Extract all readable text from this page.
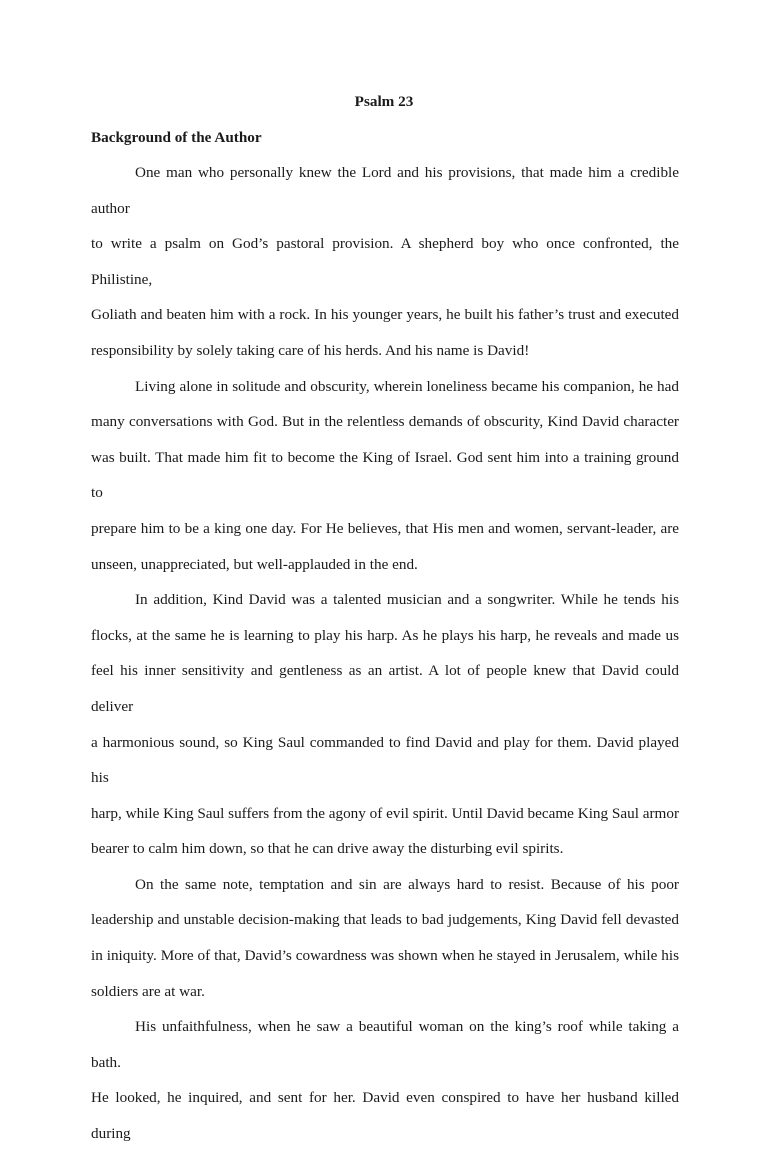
Psalm 23
Background of the Author

One man who personally knew the Lord and his provisions, that made him a credible author

to write a psalm on God’s pastoral provision. A shepherd boy who once confronted, the Philistine,

Goliath and beaten him with a rock. In his younger years, he built his father’s trust and executed

responsibility by solely taking care of his herds. And his name is David!

Living alone in solitude and obscurity, wherein loneliness became his companion, he had

many conversations with God. But in the relentless demands of obscurity, Kind David character

was built. That made him fit to become the King of Israel. God sent him into a training ground to

prepare him to be a king one day. For He believes, that His men and women, servant-leader, are

unseen, unappreciated, but well-applauded in the end.

In addition, Kind David was a talented musician and a songwriter. While he tends his

flocks, at the same he is learning to play his harp. As he plays his harp, he reveals and made us

feel his inner sensitivity and gentleness as an artist. A lot of people knew that David could deliver

a harmonious sound, so King Saul commanded to find David and play for them. David played his

harp, while King Saul suffers from the agony of evil spirit. Until David became King Saul armor

bearer to calm him down, so that he can drive away the disturbing evil spirits.

On the same note, temptation and sin are always hard to resist. Because of his poor

leadership and unstable decision-making that leads to bad judgements, King David fell devasted

in iniquity. More of that, David’s cowardness was shown when he stayed in Jerusalem, while his

soldiers are at war.

His unfaithfulness, when he saw a beautiful woman on the king’s roof while taking a bath.

He looked, he inquired, and sent for her. David even conspired to have her husband killed during
